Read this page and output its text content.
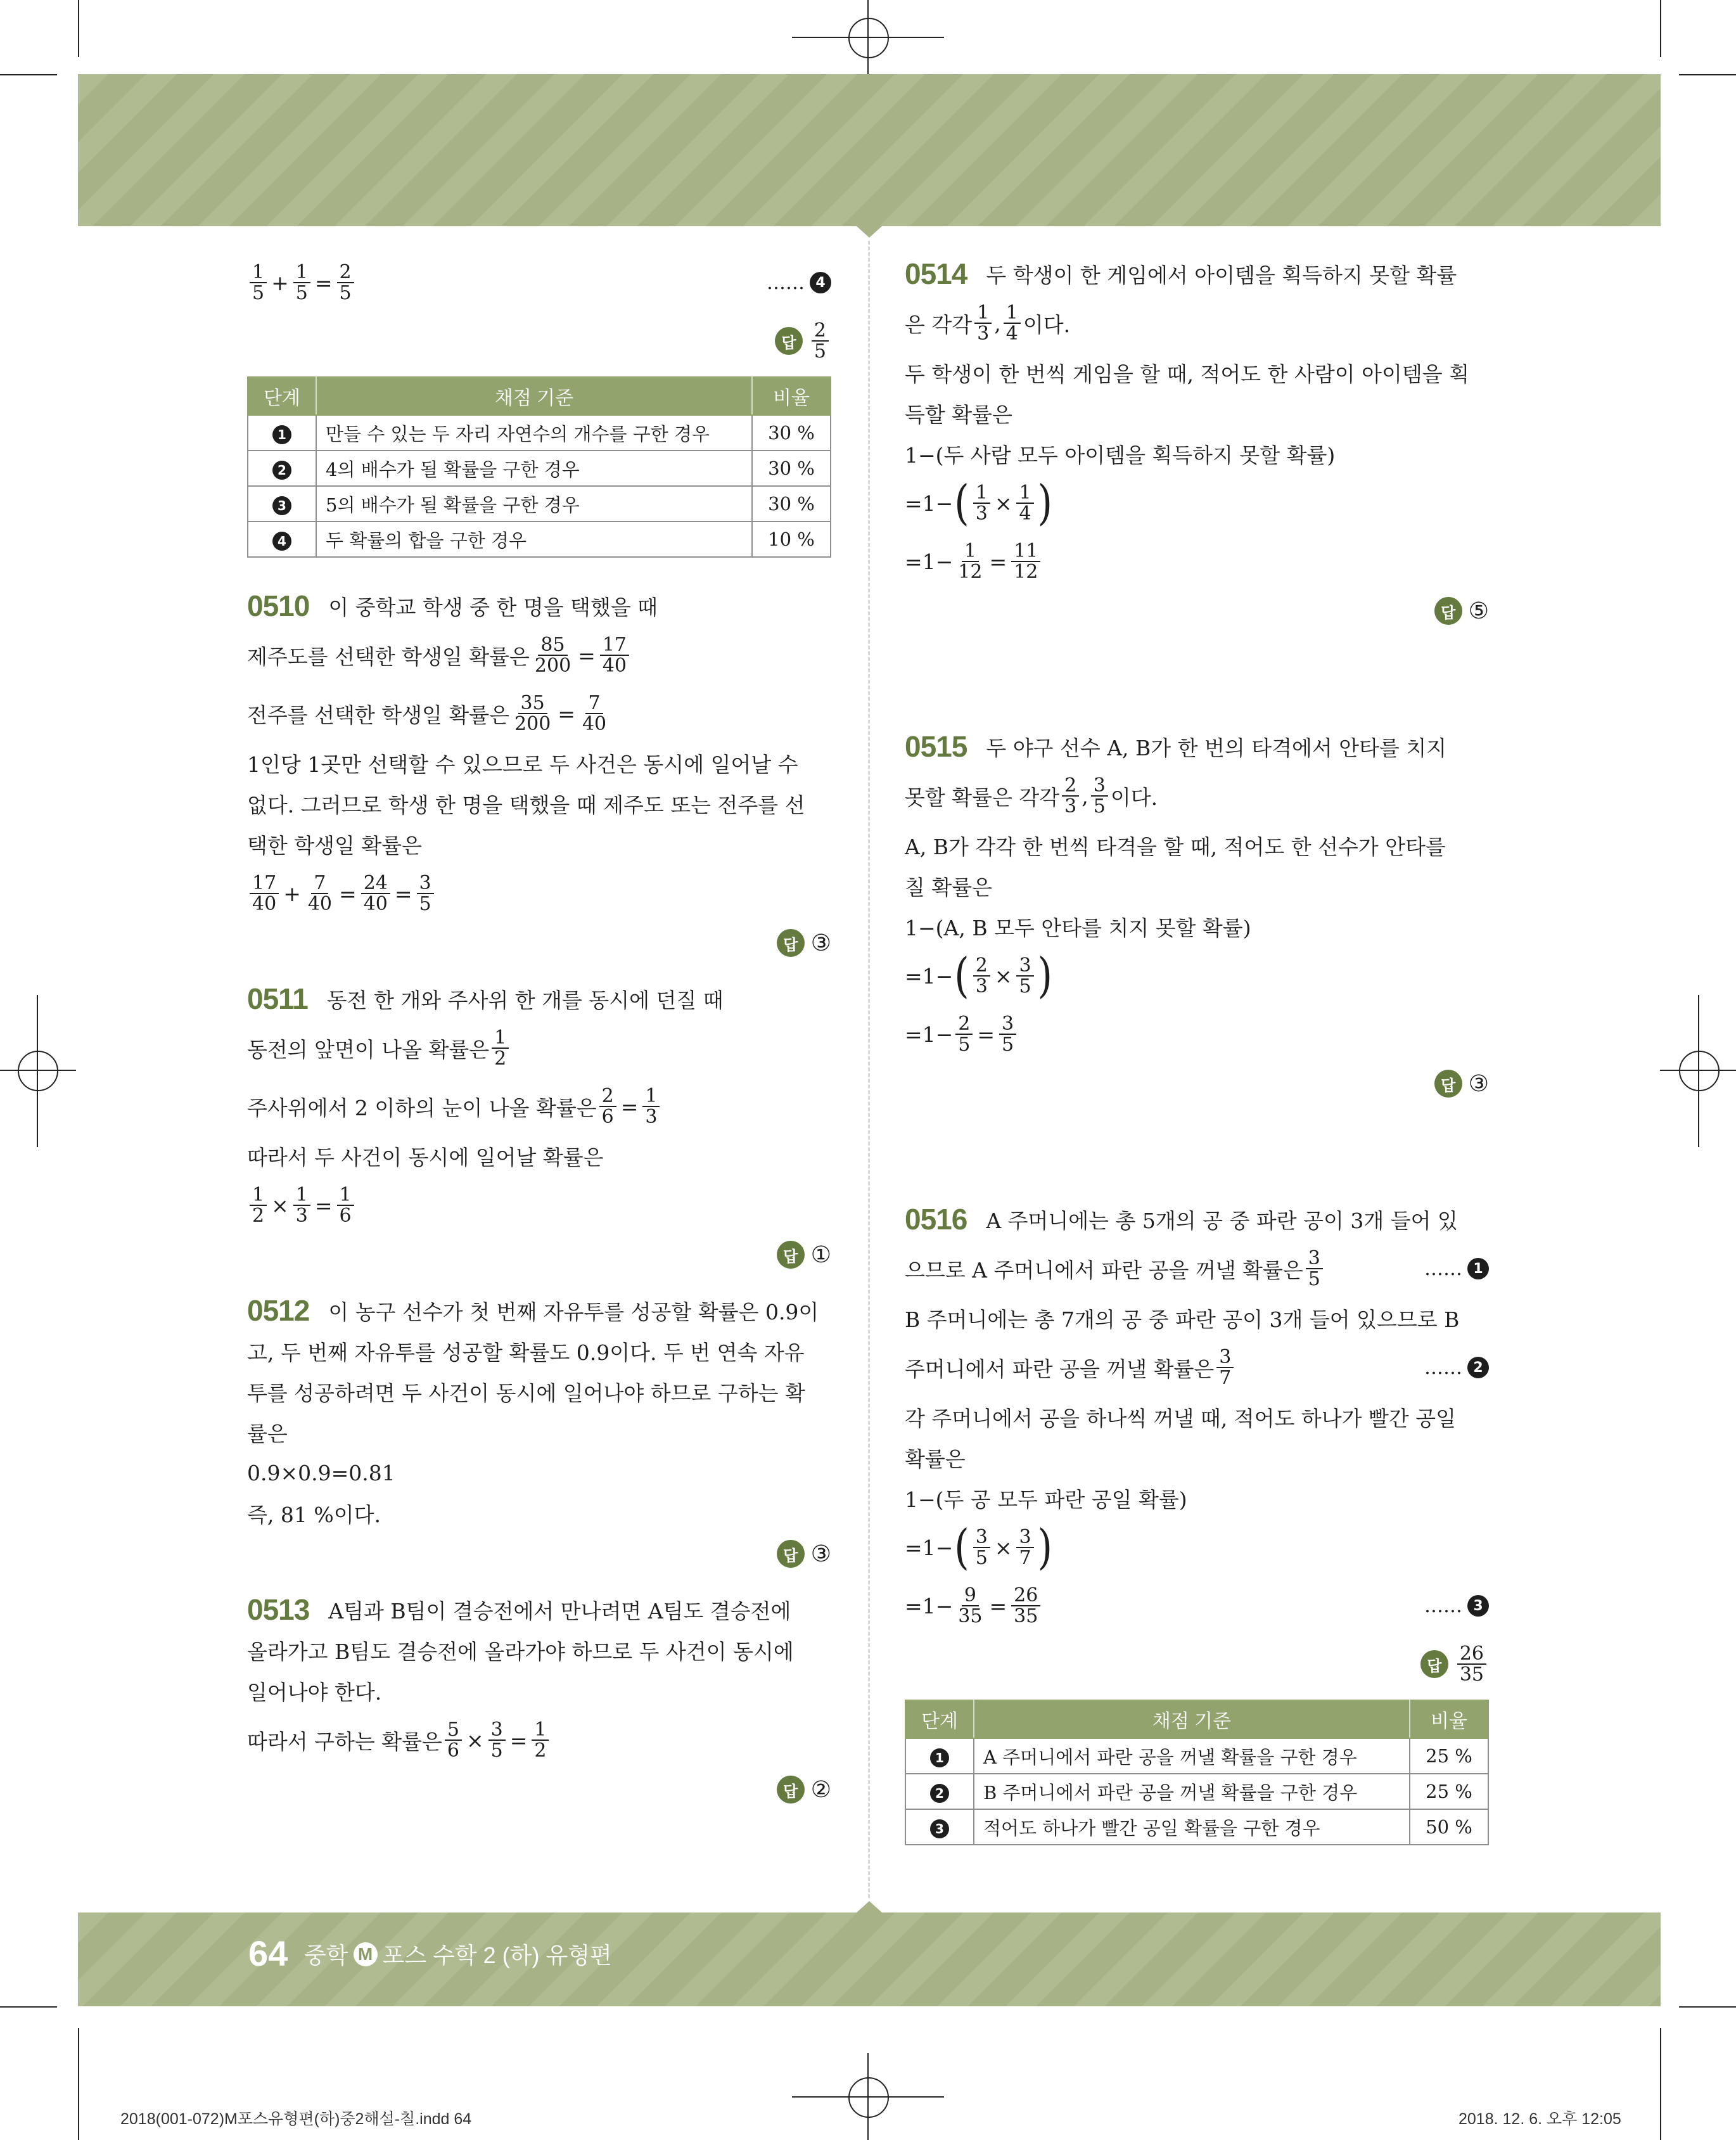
$\frac{1}{5} + \frac{1}{5} = \frac{2}{5}$	…… 4
답 $\frac{2}{5}$
단계	채점 기준	비율
1	만들 수 있는 두 자리 자연수의 개수를 구한 경우	30 %
2	4의 배수가 될 확률을 구한 경우	30 %
3	5의 배수가 될 확률을 구한 경우	30 %
4	두 확률의 합을 구한 경우	10 %
0510 이 중학교 학생 중 한 명을 택했을 때
제주도를 선택한 학생일 확률은 $\frac{85}{200} = \frac{17}{40}$
전주를 선택한 학생일 확률은 $\frac{35}{200} = \frac{7}{40}$
1인당 1곳만 선택할 수 있으므로 두 사건은 동시에 일어날 수
없다. 그러므로 학생 한 명을 택했을 때 제주도 또는 전주를 선
택한 학생일 확률은
$\frac{17}{40} + \frac{7}{40} = \frac{24}{40} = \frac{3}{5}$
답 ③
0511 동전 한 개와 주사위 한 개를 동시에 던질 때
동전의 앞면이 나올 확률은 $\frac{1}{2}$
주사위에서 2 이하의 눈이 나올 확률은 $\frac{2}{6} = \frac{1}{3}$
따라서 두 사건이 동시에 일어날 확률은
$\frac{1}{2} \times \frac{1}{3} = \frac{1}{6}$
답 ①
0512 이 농구 선수가 첫 번째 자유투를 성공할 확률은 0.9이
고, 두 번째 자유투를 성공할 확률도 0.9이다. 두 번 연속 자유
투를 성공하려면 두 사건이 동시에 일어나야 하므로 구하는 확
률은
0.9×0.9=0.81
즉, 81 %이다.
답 ③
0513 A팀과 B팀이 결승전에서 만나려면 A팀도 결승전에
올라가고 B팀도 결승전에 올라가야 하므로 두 사건이 동시에
일어나야 한다.
따라서 구하는 확률은 $\frac{5}{6} \times \frac{3}{5} = \frac{1}{2}$
답 ②
0514 두 학생이 한 게임에서 아이템을 획득하지 못할 확률
은 각각 $\frac{1}{3}$ , $\frac{1}{4}$ 이다.
두 학생이 한 번씩 게임을 할 때, 적어도 한 사람이 아이템을 획
득할 확률은
1−(두 사람 모두 아이템을 획득하지 못할 확률)
=1− ( $\frac{1}{3} \times \frac{1}{4}$ )
$=1- \frac{1}{12} = \frac{11}{12}$
답 ⑤
0515 두 야구 선수 A, B가 한 번의 타격에서 안타를 치지
못할 확률은 각각 $\frac{2}{3}$ , $\frac{3}{5}$ 이다.
A, B가 각각 한 번씩 타격을 할 때, 적어도 한 선수가 안타를
칠 확률은
1−(A, B 모두 안타를 치지 못할 확률)
=1− ( $\frac{2}{3} \times \frac{3}{5}$ )
$=1- \frac{2}{5} = \frac{3}{5}$
답 ③
0516 A 주머니에는 총 5개의 공 중 파란 공이 3개 들어 있
으므로 A 주머니에서 파란 공을 꺼낼 확률은 $\frac{3}{5}$	…… 1
B 주머니에는 총 7개의 공 중 파란 공이 3개 들어 있으므로 B
주머니에서 파란 공을 꺼낼 확률은 $\frac{3}{7}$	…… 2
각 주머니에서 공을 하나씩 꺼낼 때, 적어도 하나가 빨간 공일
확률은
1−(두 공 모두 파란 공일 확률)
=1− ( $\frac{3}{5} \times \frac{3}{7}$ )
$=1- \frac{9}{35} = \frac{26}{35}$	…… 3
답 $\frac{26}{35}$
단계	채점 기준	비율
1	A 주머니에서 파란 공을 꺼낼 확률을 구한 경우	25 %
2	B 주머니에서 파란 공을 꺼낼 확률을 구한 경우	25 %
3	적어도 하나가 빨간 공일 확률을 구한 경우	50 %
64 중학 M 포스 수학 2 (하) 유형편
2018(001-072)M포스유형편(하)중2해설-칠.indd 64	2018. 12. 6. 오후 12:05
